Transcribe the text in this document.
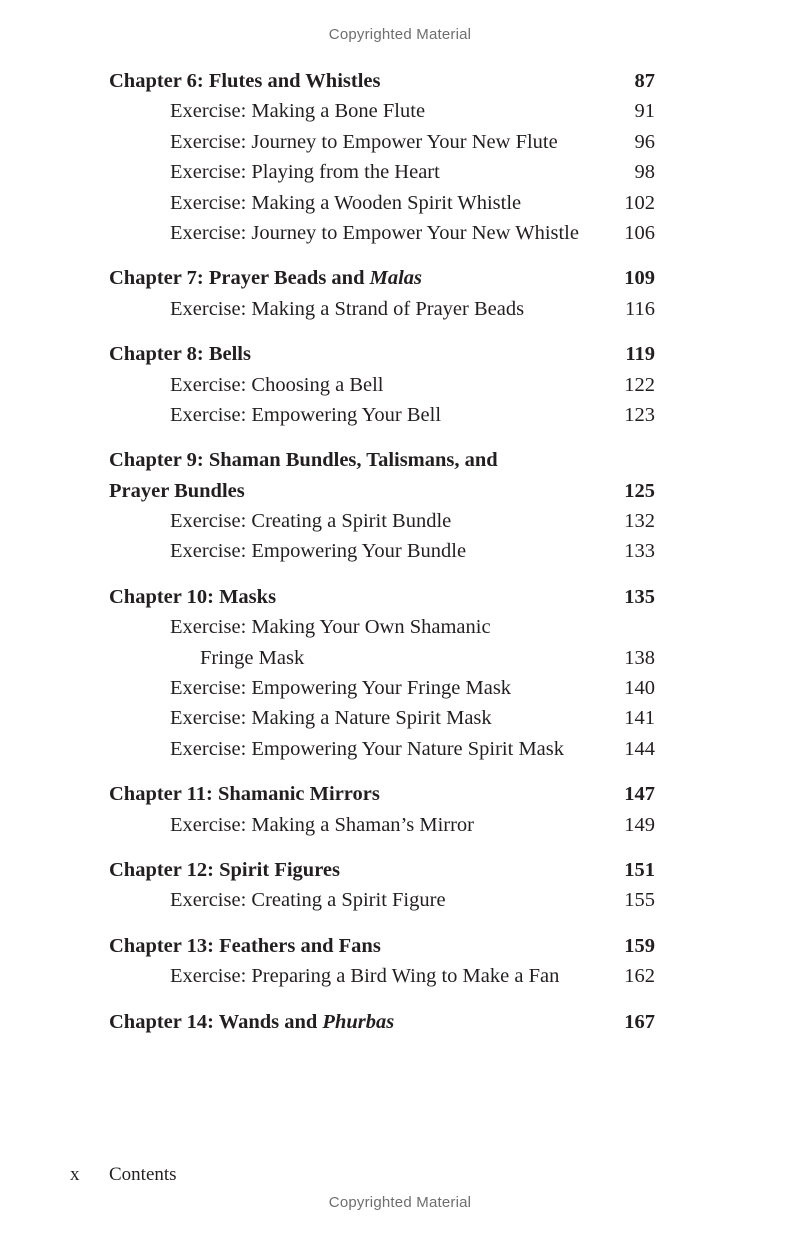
Copyrighted Material
Chapter 6: Flutes and Whistles	87
Exercise: Making a Bone Flute	91
Exercise: Journey to Empower Your New Flute	96
Exercise: Playing from the Heart	98
Exercise: Making a Wooden Spirit Whistle	102
Exercise: Journey to Empower Your New Whistle	106
Chapter 7: Prayer Beads and Malas	109
Exercise: Making a Strand of Prayer Beads	116
Chapter 8: Bells	119
Exercise: Choosing a Bell	122
Exercise: Empowering Your Bell	123
Chapter 9: Shaman Bundles, Talismans, and
Prayer Bundles	125
Exercise: Creating a Spirit Bundle	132
Exercise: Empowering Your Bundle	133
Chapter 10: Masks	135
Exercise: Making Your Own Shamanic
Fringe Mask	138
Exercise: Empowering Your Fringe Mask	140
Exercise: Making a Nature Spirit Mask	141
Exercise: Empowering Your Nature Spirit Mask	144
Chapter 11: Shamanic Mirrors	147
Exercise: Making a Shaman’s Mirror	149
Chapter 12: Spirit Figures	151
Exercise: Creating a Spirit Figure	155
Chapter 13: Feathers and Fans	159
Exercise: Preparing a Bird Wing to Make a Fan	162
Chapter 14: Wands and Phurbas	167
x Contents
Copyrighted Material
